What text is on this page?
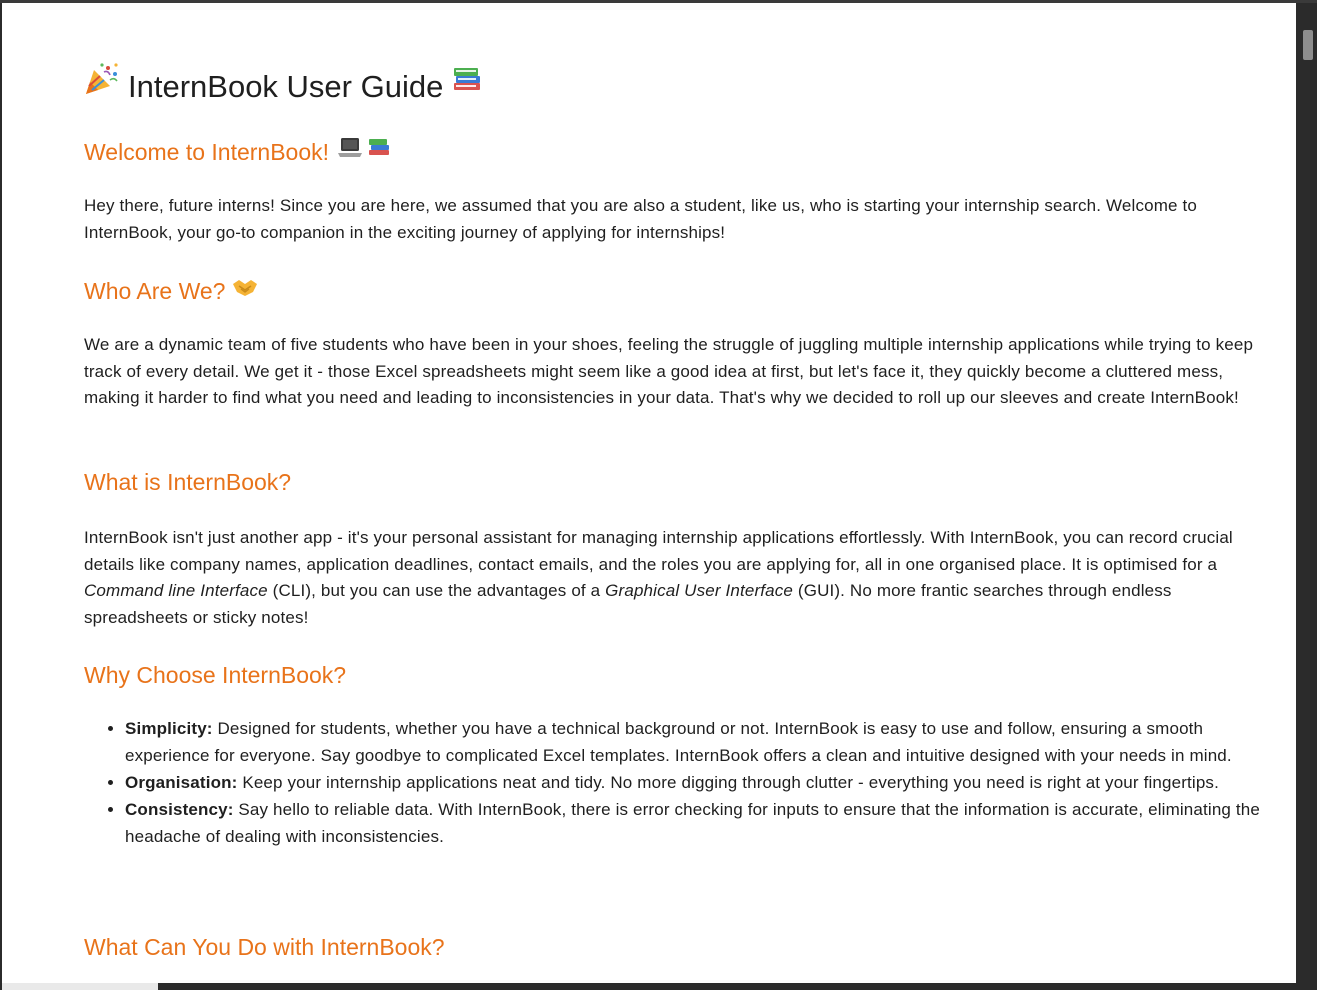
InternBook User Guide
Welcome to InternBook!

Hey there, future interns! Since you are here, we assumed that you are also a student, like us, who is starting your internship search. Welcome to InternBook, your go-to companion in the exciting journey of applying for internships!

Who Are We?

We are a dynamic team of five students who have been in your shoes, feeling the struggle of juggling multiple internship applications while trying to keep track of every detail. We get it - those Excel spreadsheets might seem like a good idea at first, but let's face it, they quickly become a cluttered mess, making it harder to find what you need and leading to inconsistencies in your data. That's why we decided to roll up our sleeves and create InternBook!

What is InternBook?

InternBook isn't just another app - it's your personal assistant for managing internship applications effortlessly. With InternBook, you can record crucial details like company names, application deadlines, contact emails, and the roles you are applying for, all in one organised place. It is optimised for a Command line Interface (CLI), but you can use the advantages of a Graphical User Interface (GUI). No more frantic searches through endless spreadsheets or sticky notes!

Why Choose InternBook?
• Simplicity: Designed for students, whether you have a technical background or not. InternBook is easy to use and follow, ensuring a smooth experience for everyone. Say goodbye to complicated Excel templates. InternBook offers a clean and intuitive designed with your needs in mind.
• Organisation: Keep your internship applications neat and tidy. No more digging through clutter - everything you need is right at your fingertips.
• Consistency: Say hello to reliable data. With InternBook, there is error checking for inputs to ensure that the information is accurate, eliminating the headache of dealing with inconsistencies.
What Can You Do with InternBook?
